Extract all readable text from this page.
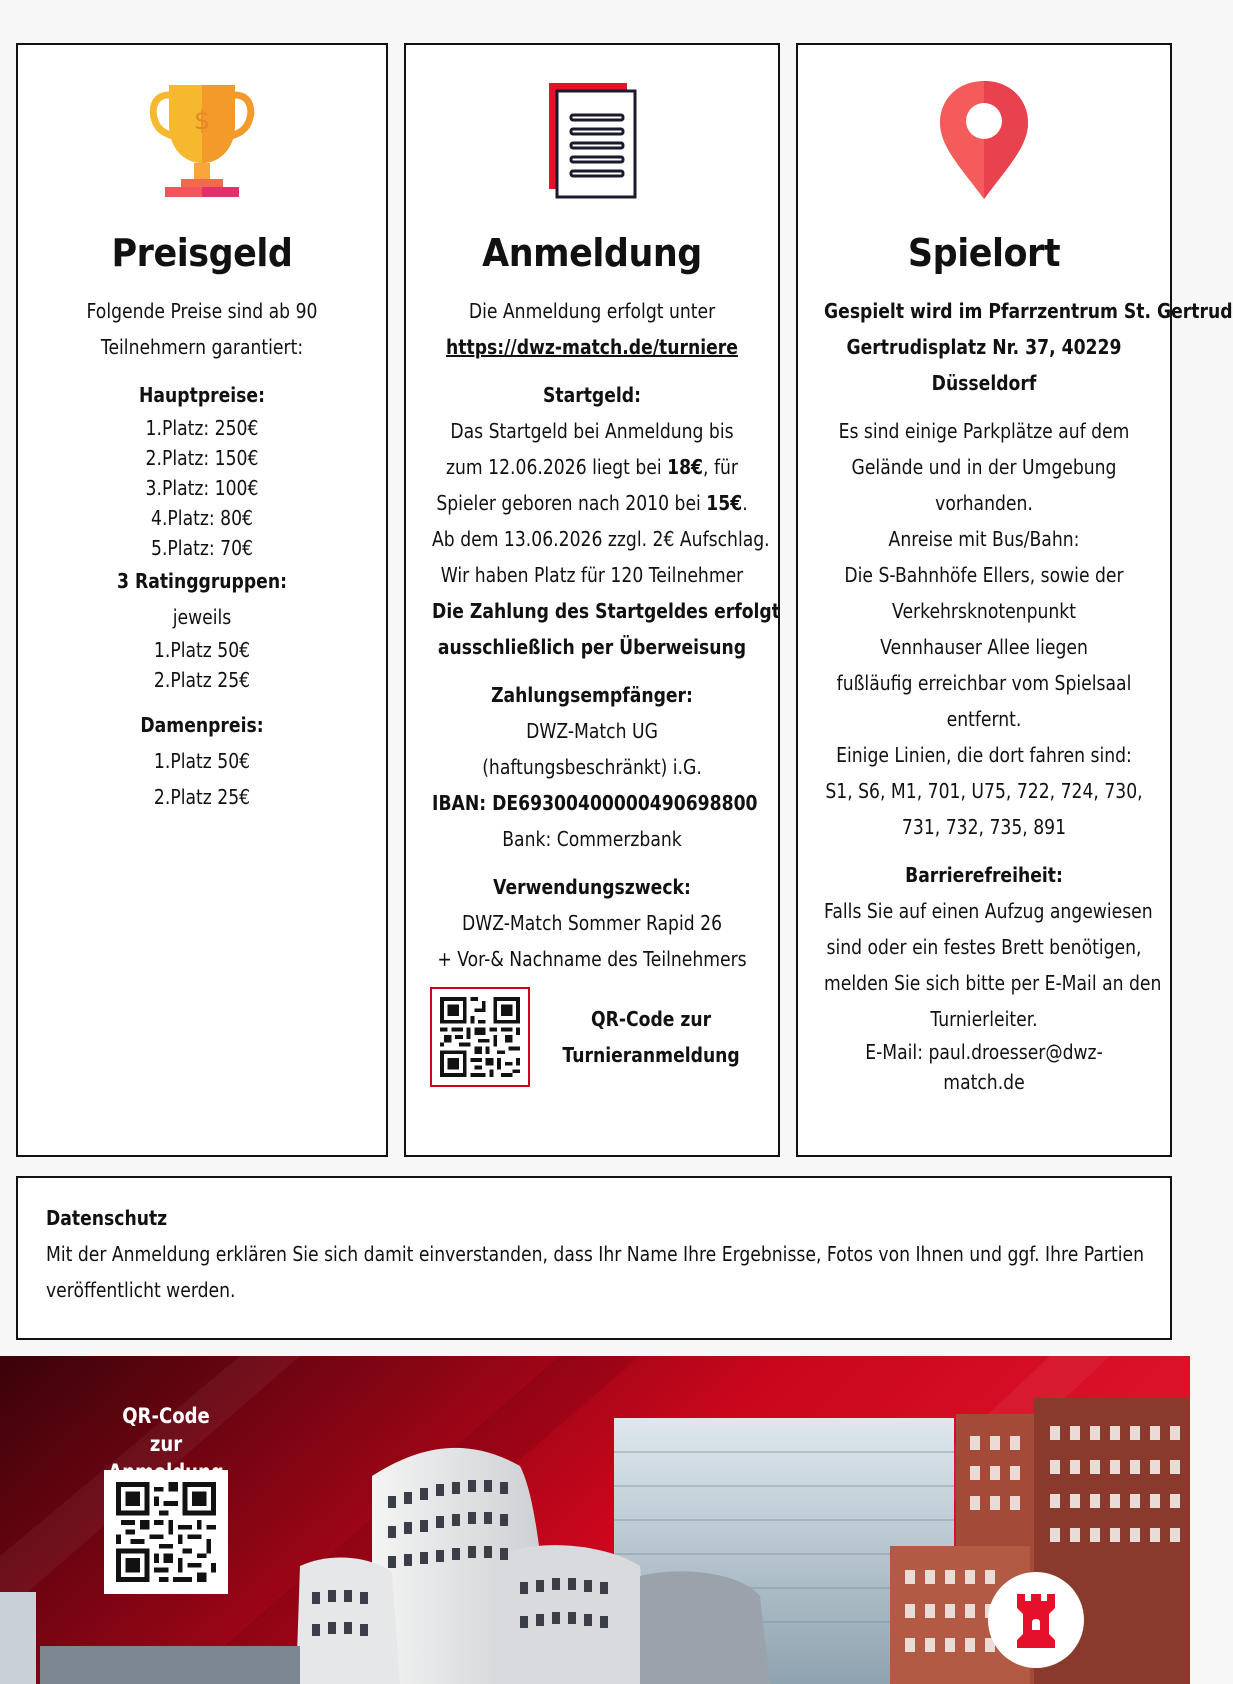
$
Preisgeld
Folgende Preise sind ab 90
Teilnehmern garantiert:
Hauptpreise:
1.Platz: 250€
2.Platz: 150€
3.Platz: 100€
4.Platz: 80€
5.Platz: 70€
3 Ratinggruppen:
jeweils
1.Platz 50€
2.Platz 25€
Damenpreis:
1.Platz 50€
2.Platz 25€
Anmeldung
Die Anmeldung erfolgt unter
https://dwz-match.de/turniere
Startgeld:
Das Startgeld bei Anmeldung bis
zum 12.06.2026 liegt bei 18€, für
Spieler geboren nach 2010 bei 15€.
Ab dem 13.06.2026 zzgl. 2€ Aufschlag.
Wir haben Platz für 120 Teilnehmer
Die Zahlung des Startgeldes erfolgt
ausschließlich per Überweisung
Zahlungsempfänger:
DWZ-Match UG
(haftungsbeschränkt) i.G.
IBAN: DE69300400000490698800
Bank: Commerzbank
Verwendungszweck:
DWZ-Match Sommer Rapid 26
+ Vor-& Nachname des Teilnehmers
QR-Code zur
Turnieranmeldung
Spielort
Gespielt wird im Pfarrzentrum St. Gertrud
Gertrudisplatz Nr. 37, 40229
Düsseldorf
Es sind einige Parkplätze auf dem
Gelände und in der Umgebung
vorhanden.
Anreise mit Bus/Bahn:
Die S-Bahnhöfe Ellers, sowie der
Verkehrsknotenpunkt
Vennhauser Allee liegen
fußläufig erreichbar vom Spielsaal
entfernt.
Einige Linien, die dort fahren sind:
S1, S6, M1, 701, U75, 722, 724, 730,
731, 732, 735, 891
Barrierefreiheit:
Falls Sie auf einen Aufzug angewiesen
sind oder ein festes Brett benötigen,
melden Sie sich bitte per E-Mail an den
Turnierleiter.
E-Mail: paul.droesser@dwz-
match.de
Datenschutz
Mit der Anmeldung erklären Sie sich damit einverstanden, dass Ihr Name Ihre Ergebnisse, Fotos von Ihnen und ggf. Ihre Partien
veröffentlicht werden.
QR-Code zur
